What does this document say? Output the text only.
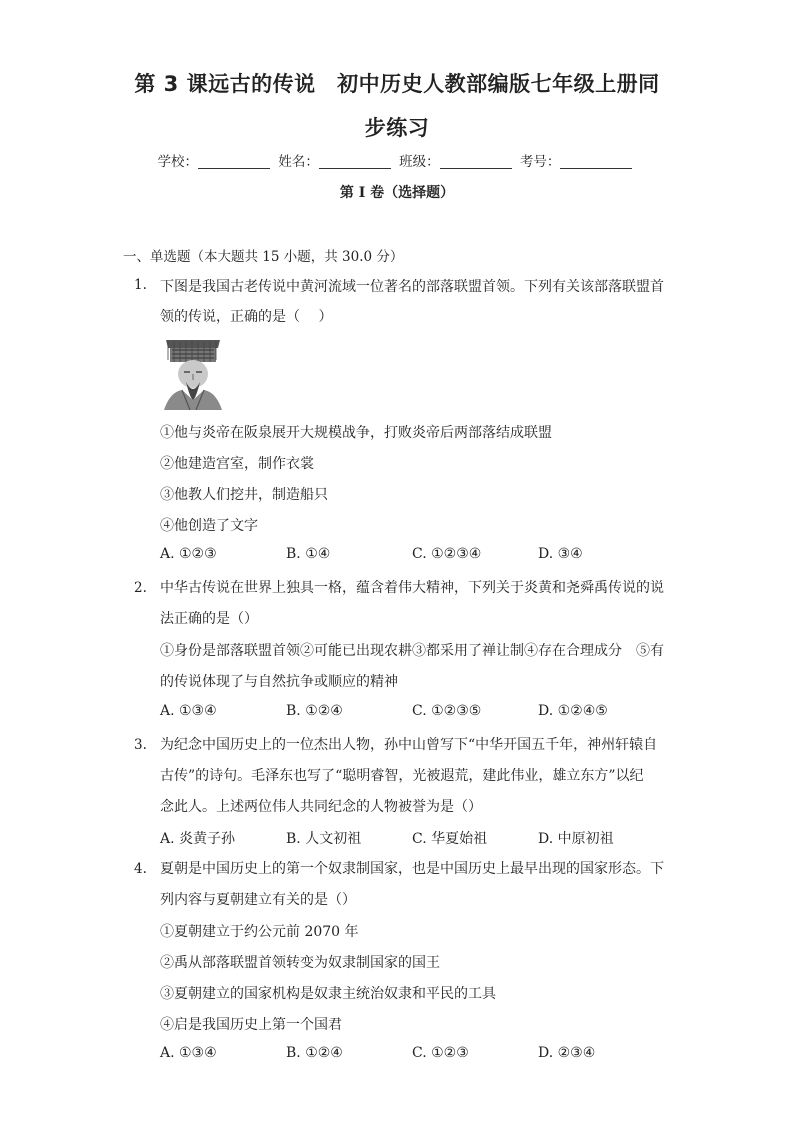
第 3 课远古的传说　初中历史人教部编版七年级上册同
步练习
学校：	姓名：	班级：	考号：
第 I 卷（选择题）
一、单选题（本大题共 15 小题，共 30.0 分）
1. 下图是我国古老传说中黄河流域一位著名的部落联盟首领。下列有关该部落联盟首
领的传说，正确的是（　 ）
①他与炎帝在阪泉展开大规模战争，打败炎帝后两部落结成联盟
②他建造宫室，制作衣裳
③他教人们挖井，制造船只
④他创造了文字
A. ①②③	B. ①④	C. ①②③④	D. ③④
2. 中华古传说在世界上独具一格，蕴含着伟大精神，下列关于炎黄和尧舜禹传说的说
法正确的是（）
①身份是部落联盟首领②可能已出现农耕③都采用了禅让制④存在合理成分　⑤有
的传说体现了与自然抗争或顺应的精神
A. ①③④	B. ①②④	C. ①②③⑤	D. ①②④⑤
3. 为纪念中国历史上的一位杰出人物，孙中山曾写下“中华开国五千年，神州轩辕自
古传”的诗句。毛泽东也写了“聪明睿智，光被遐荒，建此伟业，雄立东方”以纪
念此人。上述两位伟人共同纪念的人物被誉为是（）
A. 炎黄子孙	B. 人文初祖	C. 华夏始祖	D. 中原初祖
4. 夏朝是中国历史上的第一个奴隶制国家，也是中国历史上最早出现的国家形态。下
列内容与夏朝建立有关的是（）
①夏朝建立于约公元前 2070 年
②禹从部落联盟首领转变为奴隶制国家的国王
③夏朝建立的国家机构是奴隶主统治奴隶和平民的工具
④启是我国历史上第一个国君
A. ①③④	B. ①②④	C. ①②③	D. ②③④
